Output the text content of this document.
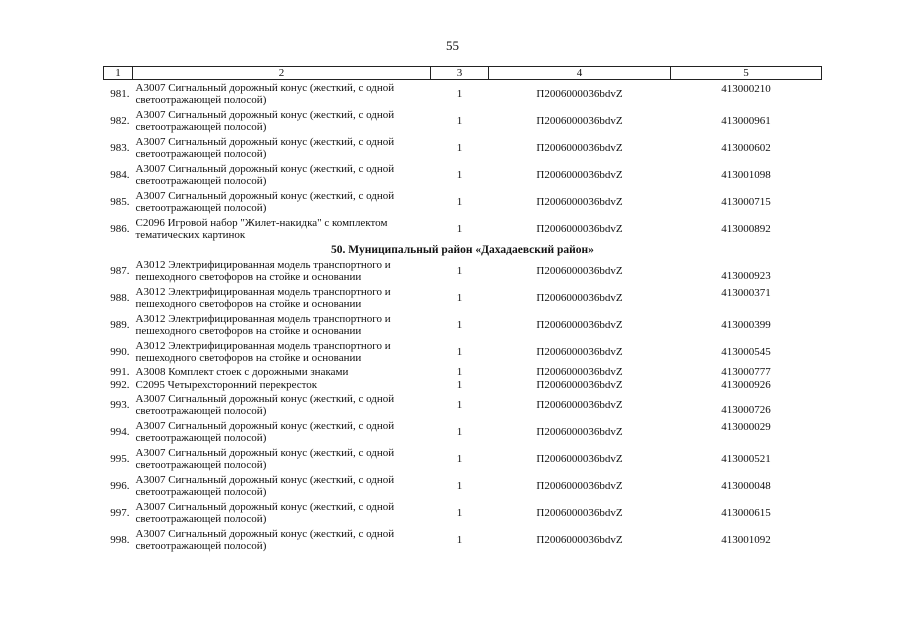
55
1	2	3	4	5
981.	А3007 Сигнальный дорожный конус (жесткий, с одной светоотражающей полосой)	1	П2006000036bdvZ	413000210
982.	А3007 Сигнальный дорожный конус (жесткий, с одной светоотражающей полосой)	1	П2006000036bdvZ	413000961
983.	А3007 Сигнальный дорожный конус (жесткий, с одной светоотражающей полосой)	1	П2006000036bdvZ	413000602
984.	А3007 Сигнальный дорожный конус (жесткий, с одной светоотражающей полосой)	1	П2006000036bdvZ	413001098
985.	А3007 Сигнальный дорожный конус (жесткий, с одной светоотражающей полосой)	1	П2006000036bdvZ	413000715
986.	С2096 Игровой набор "Жилет-накидка" с комплектом тематических картинок	1	П2006000036bdvZ	413000892
50. Муниципальный район «Дахадаевский район»				
987.	А3012 Электрифицированная модель транспортного и пешеходного светофоров на стойке и основании	1	П2006000036bdvZ	413000923
988.	А3012 Электрифицированная модель транспортного и пешеходного светофоров на стойке и основании	1	П2006000036bdvZ	413000371
989.	А3012 Электрифицированная модель транспортного и пешеходного светофоров на стойке и основании	1	П2006000036bdvZ	413000399
990.	А3012 Электрифицированная модель транспортного и пешеходного светофоров на стойке и основании	1	П2006000036bdvZ	413000545
991.	А3008 Комплект стоек с дорожными знаками	1	П2006000036bdvZ	413000777
992.	С2095 Четырехсторонний перекресток	1	П2006000036bdvZ	413000926
993.	А3007 Сигнальный дорожный конус (жесткий, с одной светоотражающей полосой)	1	П2006000036bdvZ	413000726
994.	А3007 Сигнальный дорожный конус (жесткий, с одной светоотражающей полосой)	1	П2006000036bdvZ	413000029
995.	А3007 Сигнальный дорожный конус (жесткий, с одной светоотражающей полосой)	1	П2006000036bdvZ	413000521
996.	А3007 Сигнальный дорожный конус (жесткий, с одной светоотражающей полосой)	1	П2006000036bdvZ	413000048
997.	А3007 Сигнальный дорожный конус (жесткий, с одной светоотражающей полосой)	1	П2006000036bdvZ	413000615
998.	А3007 Сигнальный дорожный конус (жесткий, с одной светоотражающей полосой)	1	П2006000036bdvZ	413001092
